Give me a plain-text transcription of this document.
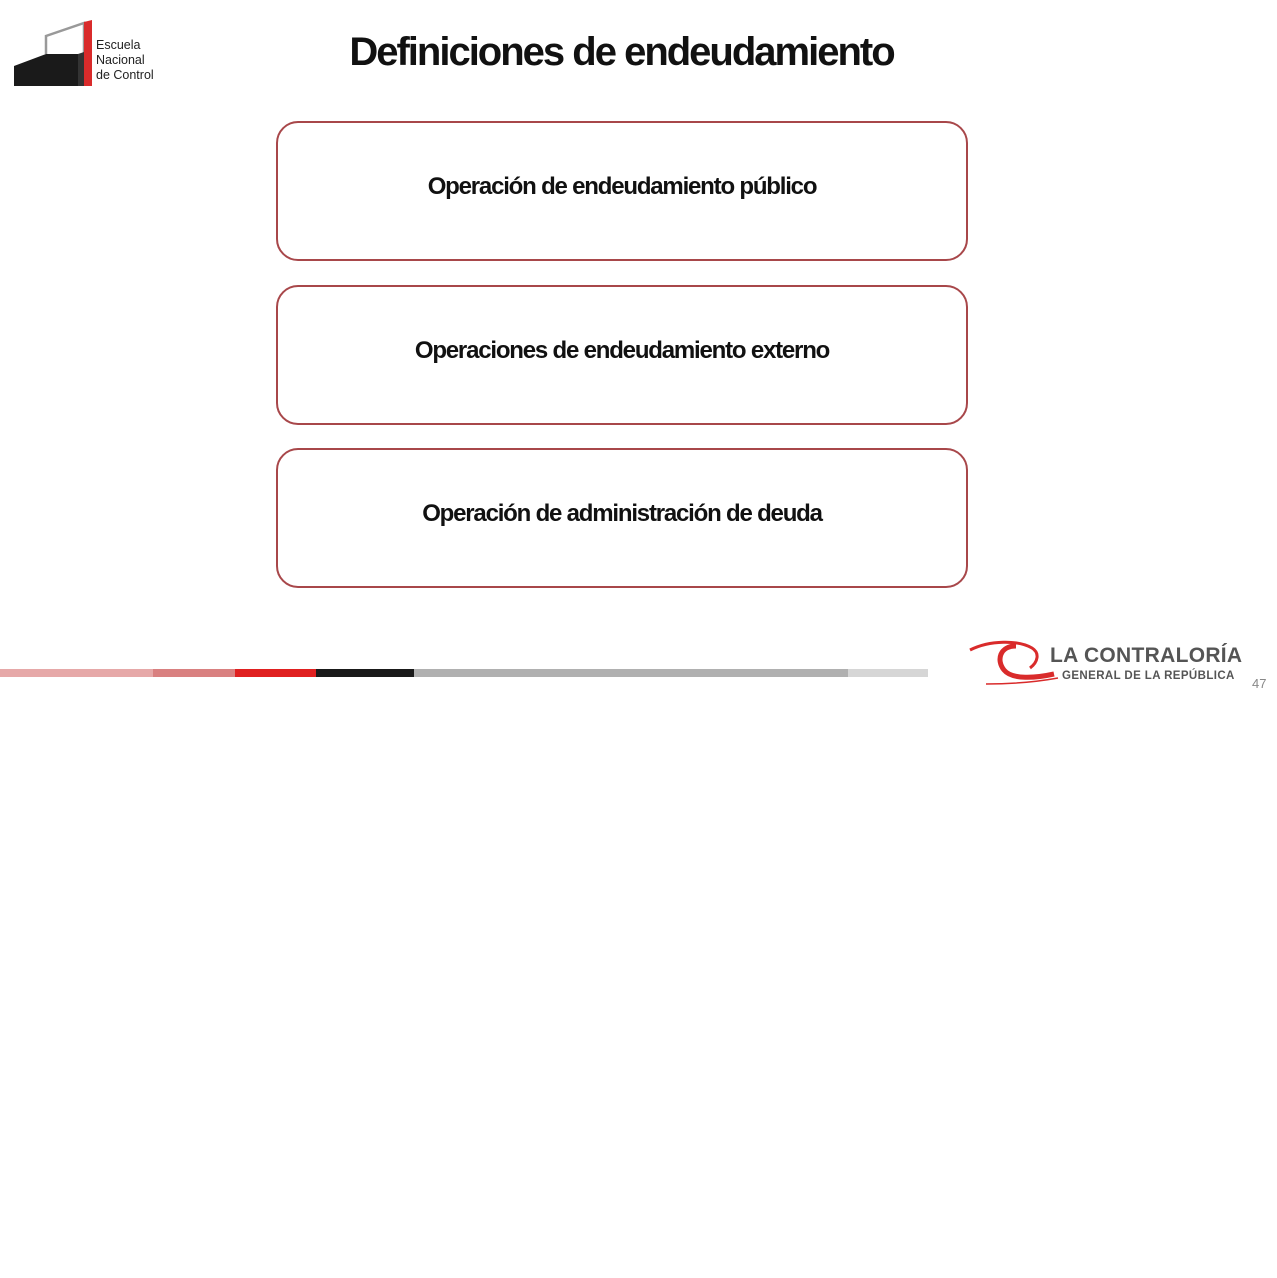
Escuela
Nacional
de Control
Definiciones de endeudamiento
Operación de endeudamiento público
Operaciones de endeudamiento externo
Operación de administración de deuda
LA CONTRALORÍA
GENERAL DE LA REPÚBLICA 47
